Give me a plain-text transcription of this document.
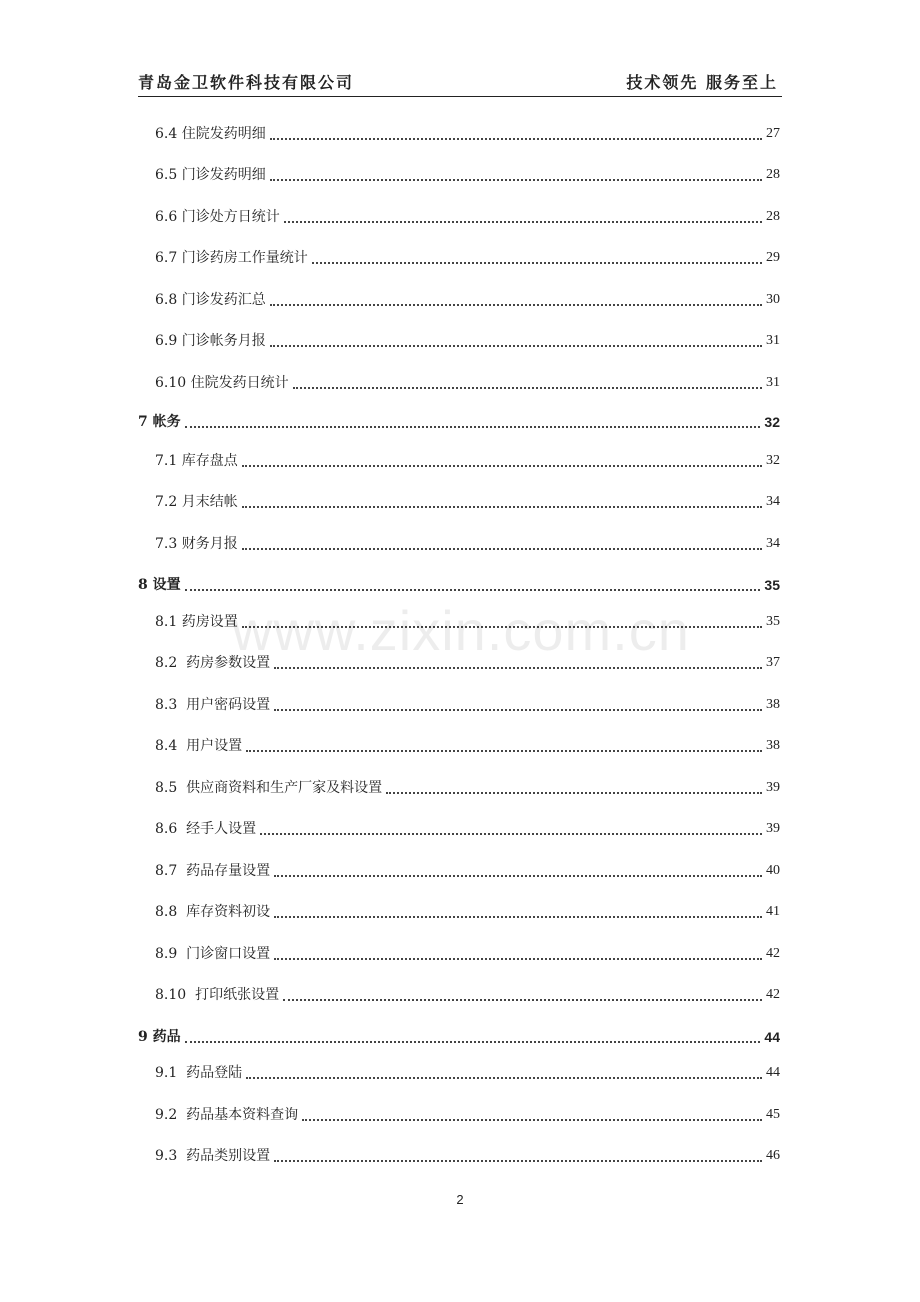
青岛金卫软件科技有限公司	技术领先 服务至上
6.4 住院发药明细	27
6.5 门诊发药明细	28
6.6 门诊处方日统计	28
6.7 门诊药房工作量统计	29
6.8 门诊发药汇总	30
6.9 门诊帐务月报	31
6.10 住院发药日统计	31
7 帐务	32
7.1 库存盘点	32
7.2 月末结帐	34
7.3 财务月报	34
8 设置	35
8.1 药房设置	35
8.2  药房参数设置	37
8.3  用户密码设置	38
8.4  用户设置	38
8.5  供应商资料和生产厂家及料设置	39
8.6  经手人设置	39
8.7  药品存量设置	40
8.8  库存资料初设	41
8.9  门诊窗口设置	42
8.10  打印纸张设置	42
9 药品	44
9.1  药品登陆	44
9.2  药品基本资料查询	45
9.3  药品类别设置	46
www.zixin.com.cn
2
